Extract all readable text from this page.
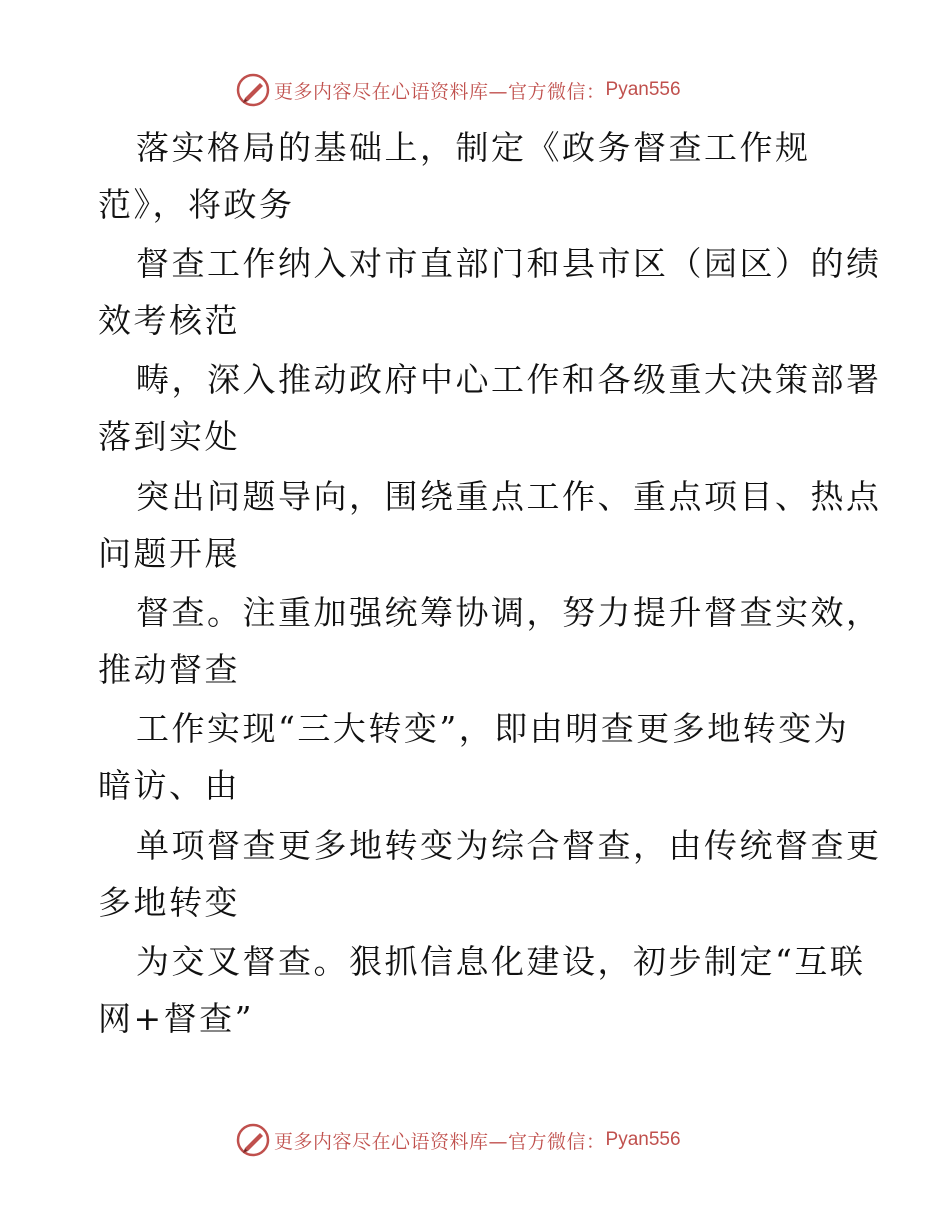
更多内容尽在心语资料库—官方微信： Pyan556
落实格局的基础上，制定《政务督查工作规
范》，将政务
督查工作纳入对市直部门和县市区（园区）的绩
效考核范
畴，深入推动政府中心工作和各级重大决策部署
落到实处
突出问题导向，围绕重点工作、重点项目、热点
问题开展
督查。注重加强统筹协调，努力提升督查实效，
推动督查
工作实现“三大转变”，即由明查更多地转变为
暗访、由
单项督查更多地转变为综合督查，由传统督查更
多地转变
为交叉督查。狠抓信息化建设，初步制定“互联
网+督查”
更多内容尽在心语资料库—官方微信： Pyan556
